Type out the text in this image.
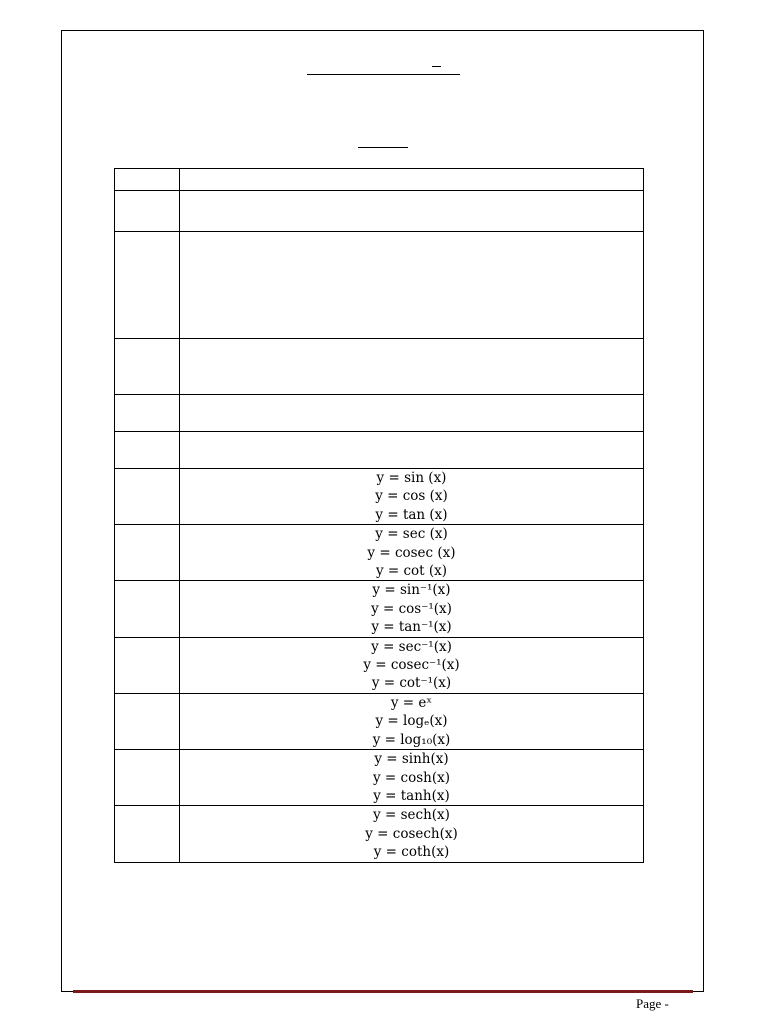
	y = sin (x)
y = cos (x)
y = tan (x)

	y = sec (x)
y = cosec (x)
y = cot (x)

	y = sin⁻¹(x)
y = cos⁻¹(x)
y = tan⁻¹(x)

	y = sec⁻¹(x)
y = cosec⁻¹(x)
y = cot⁻¹(x)

	y = eˣ
y = logₑ(x)
y = log₁₀(x)

	y = sinh(x)
y = cosh(x)
y = tanh(x)

	y = sech(x)
y = cosech(x)
y = coth(x)
Page -
